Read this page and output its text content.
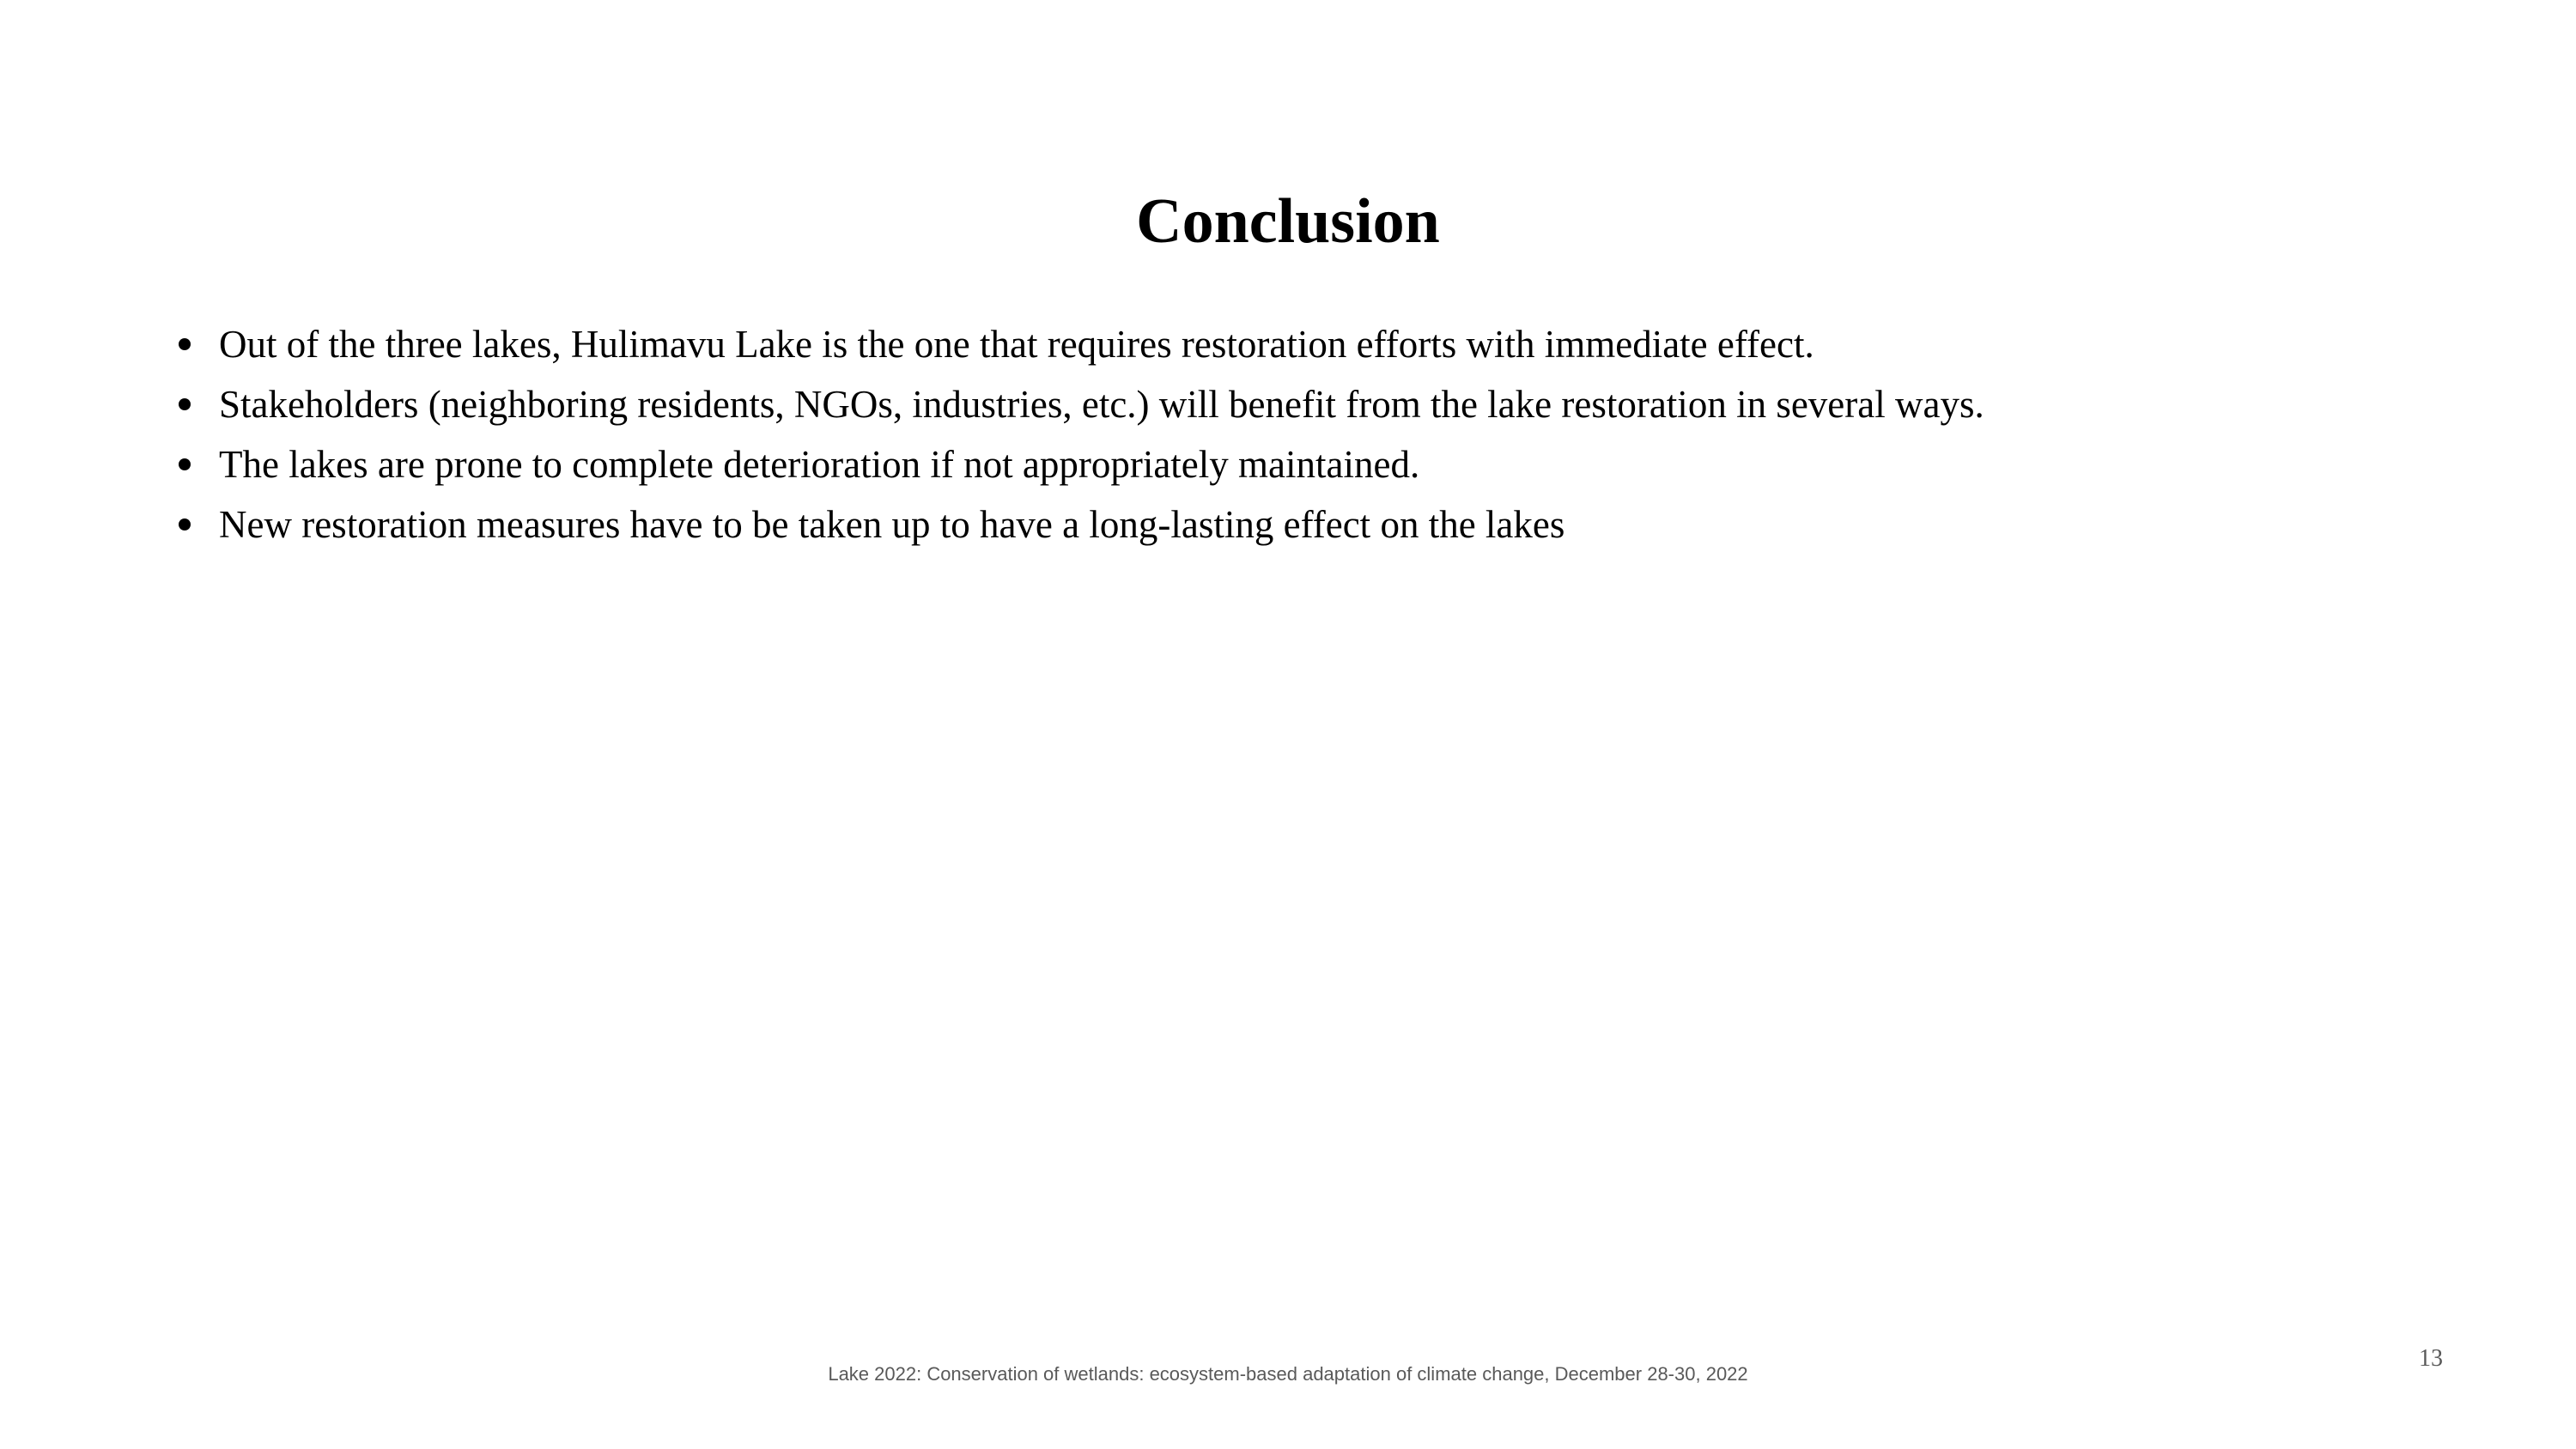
Conclusion
Out of the three lakes, Hulimavu Lake is the one that requires restoration efforts with immediate effect.
Stakeholders (neighboring residents, NGOs, industries, etc.) will benefit from the lake restoration in several ways.
The lakes are prone to complete deterioration if not appropriately maintained.
New restoration measures have to be taken up to have a long-lasting effect on the lakes
Lake 2022: Conservation of wetlands: ecosystem-based adaptation of climate change, December 28-30, 2022
13
